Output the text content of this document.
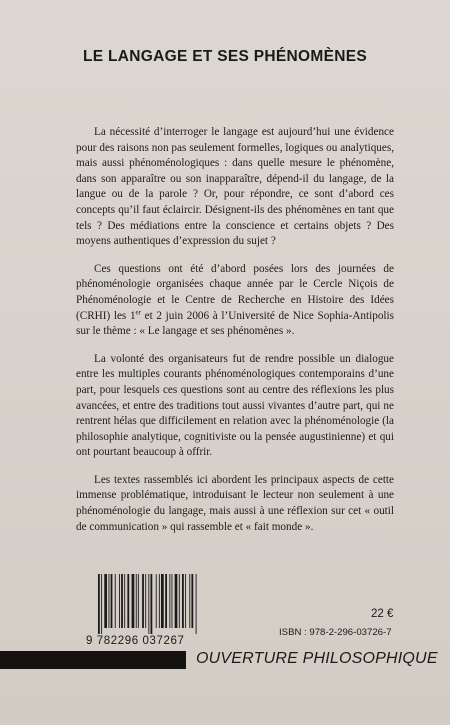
LE LANGAGE ET SES PHÉNOMÈNES

La nécessité d’interroger le langage est aujourd’hui une évidence pour des raisons non pas seulement formelles, logiques ou analytiques, mais aussi phénoménologiques : dans quelle mesure le phénomène, dans son apparaître ou son inapparaître, dépend-il du langage, de la langue ou de la parole ? Or, pour répondre, ce sont d’abord ces concepts qu’il faut éclaircir. Désignent-ils des phénomènes en tant que tels ? Des médiations entre la conscience et certains objets ? Des moyens authentiques d’expression du sujet ?

Ces questions ont été d’abord posées lors des journées de phénoménologie organisées chaque année par le Cercle Niçois de Phénoménologie et le Centre de Recherche en Histoire des Idées (CRHI) les 1er et 2 juin 2006 à l’Université de Nice Sophia-Antipolis sur le thème : « Le langage et ses phénomènes ».

La volonté des organisateurs fut de rendre possible un dialogue entre les multiples courants phénoménologiques contemporains d’une part, pour lesquels ces questions sont au centre des réflexions les plus avancées, et entre des traditions tout aussi vivantes d’autre part, qui ne rentrent hélas que difficilement en relation avec la phénoménologie (la philosophie analytique, cognitiviste ou la pensée augustinienne) et qui ont pourtant beaucoup à offrir.

Les textes rassemblés ici abordent les principaux aspects de cette immense problématique, introduisant le lecteur non seulement à une phénoménologie du langage, mais aussi à une réflexion sur cet « outil de communication » qui rassemble et « fait monde ».

9 782296 037267
22 €
ISBN : 978-2-296-03726-7
OUVERTURE PHILOSOPHIQUE
